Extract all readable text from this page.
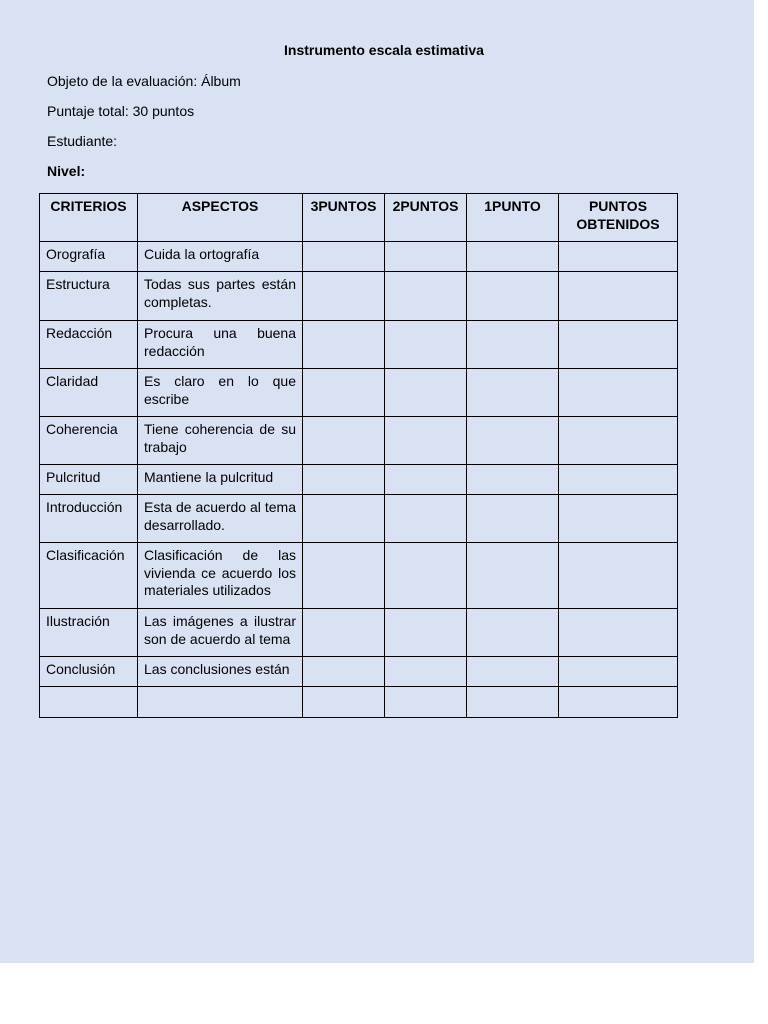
Instrumento escala estimativa
Objeto de la evaluación: Álbum
Puntaje total: 30 puntos
Estudiante:
Nivel:
CRITERIOS	ASPECTOS	3PUNTOS	2PUNTOS	1PUNTO	PUNTOS OBTENIDOS
Orografía	Cuida la ortografía				
Estructura	Todas sus partes están completas.				
Redacción	Procura una buena redacción				
Claridad	Es claro en lo que escribe				
Coherencia	Tiene coherencia de su trabajo				
Pulcritud	Mantiene la pulcritud				
Introducción	Esta de acuerdo al tema desarrollado.				
Clasificación	Clasificación de las vivienda ce acuerdo los materiales utilizados				
Ilustración	Las imágenes a ilustrar son de acuerdo al tema				
Conclusión	Las conclusiones están				
